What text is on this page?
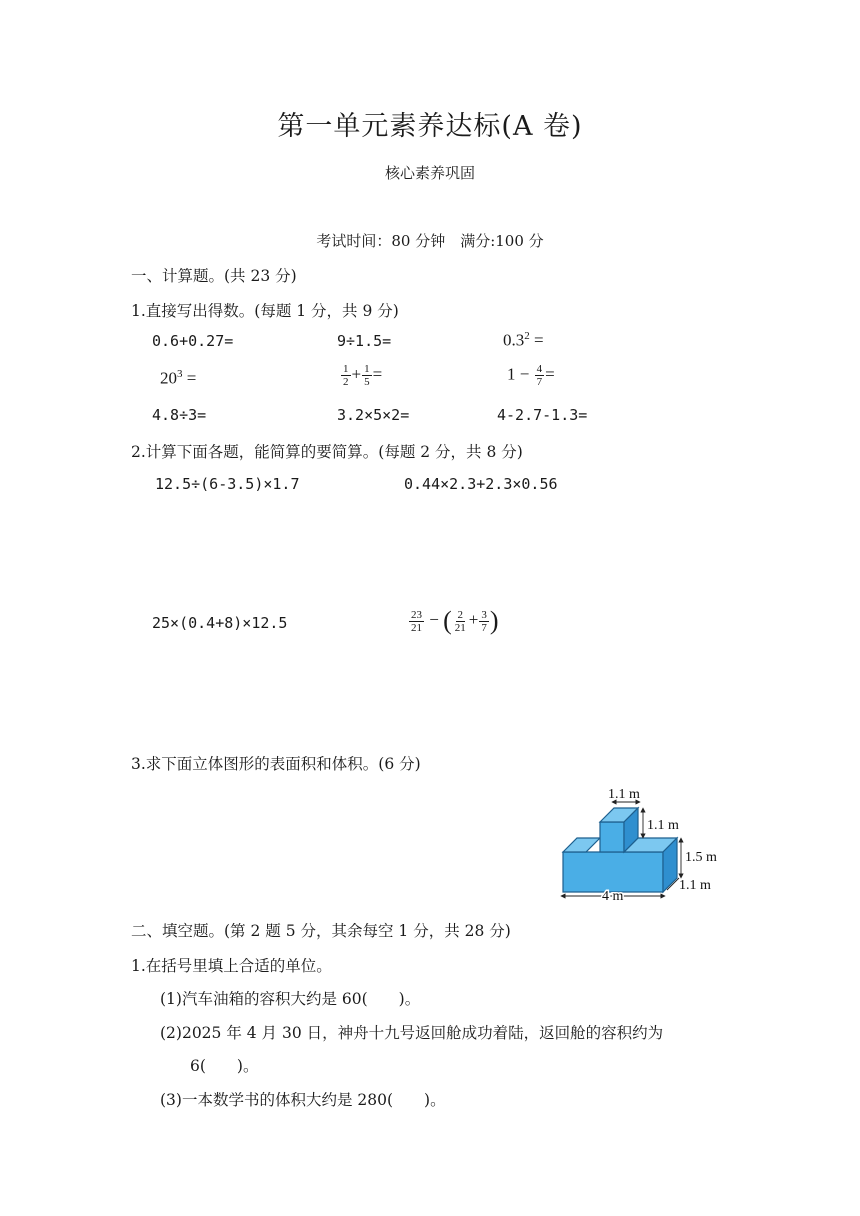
第一单元素养达标(A 卷)
核心素养巩固
考试时间：80 分钟　满分:100 分
一、计算题。(共 23 分)
1.直接写出得数。(每题 1 分，共 9 分)
0.6+0.27=	9÷1.5=	$0.3^2$ =
$20^3$ =	$\frac{1}{2} + \frac{1}{5}$ =	$1 - \frac{4}{7}$ =
4.8÷3=	3.2×5×2=	4-2.7-1.3=
2.计算下面各题，能简算的要简算。(每题 2 分，共 8 分)
12.5÷(6-3.5)×1.7	0.44×2.3+2.3×0.56
25×(0.4+8)×12.5	$\frac{23}{21}$ − ( $\frac{2}{21} + \frac{3}{7}$ )
3.求下面立体图形的表面积和体积。(6 分)
1.1 m
1.1 m
1.5 m
1.1 m
4 m
二、填空题。(第 2 题 5 分，其余每空 1 分，共 28 分)
1.在括号里填上合适的单位。
(1)汽车油箱的容积大约是 60(　　)。
(2)2025 年 4 月 30 日，神舟十九号返回舱成功着陆，返回舱的容积约为
6(　　)。
(3)一本数学书的体积大约是 280(　　)。
